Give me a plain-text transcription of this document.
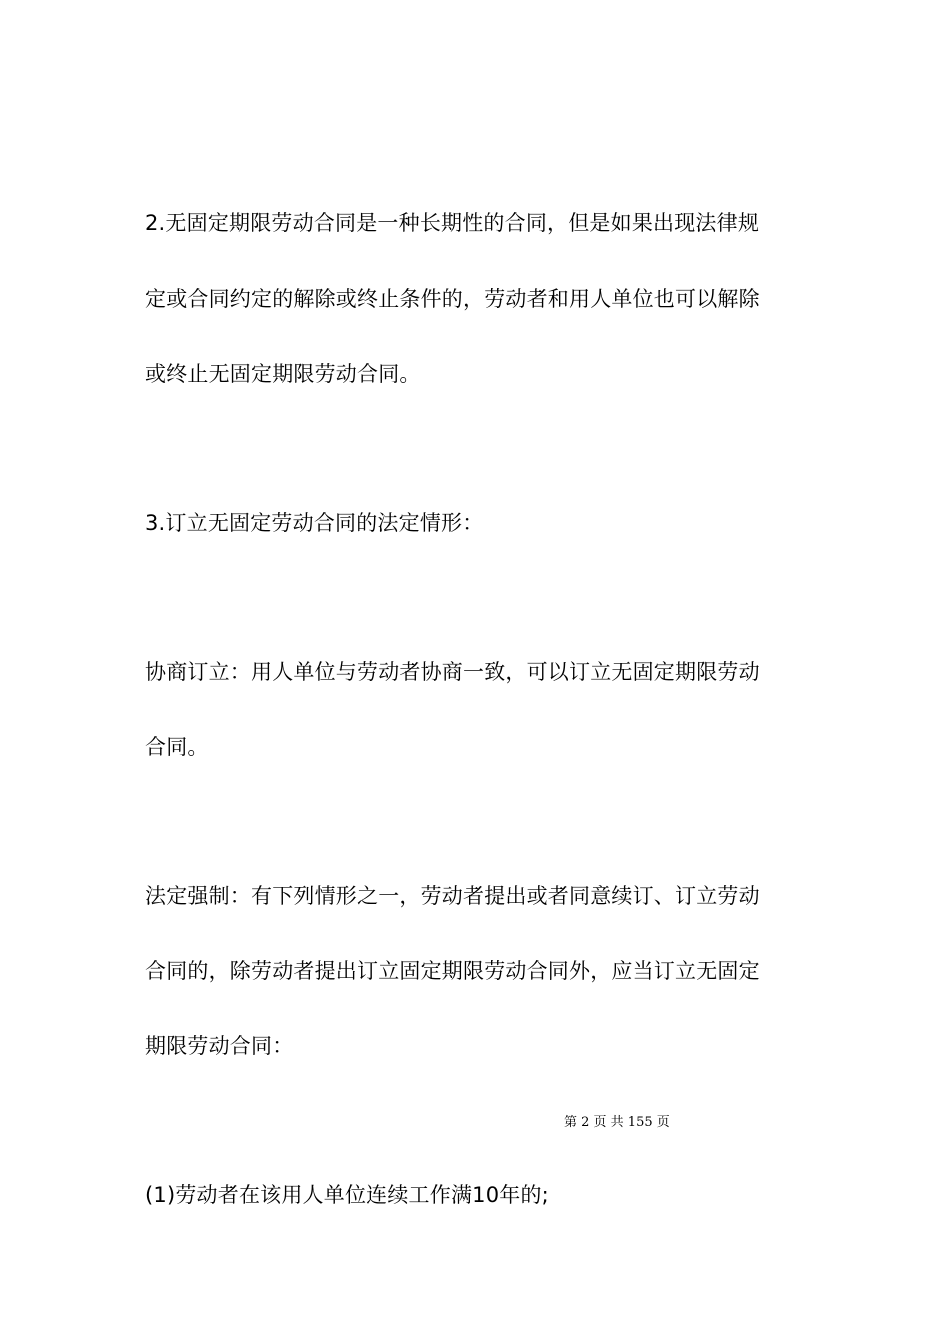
2.无固定期限劳动合同是一种长期性的合同，但是如果出现法律规
定或合同约定的解除或终止条件的，劳动者和用人单位也可以解除
或终止无固定期限劳动合同。
3.订立无固定劳动合同的法定情形：
协商订立：用人单位与劳动者协商一致，可以订立无固定期限劳动
合同。
法定强制：有下列情形之一，劳动者提出或者同意续订、订立劳动
合同的，除劳动者提出订立固定期限劳动合同外，应当订立无固定
期限劳动合同：
第 2 页 共 155 页
(1)劳动者在该用人单位连续工作满10年的;
